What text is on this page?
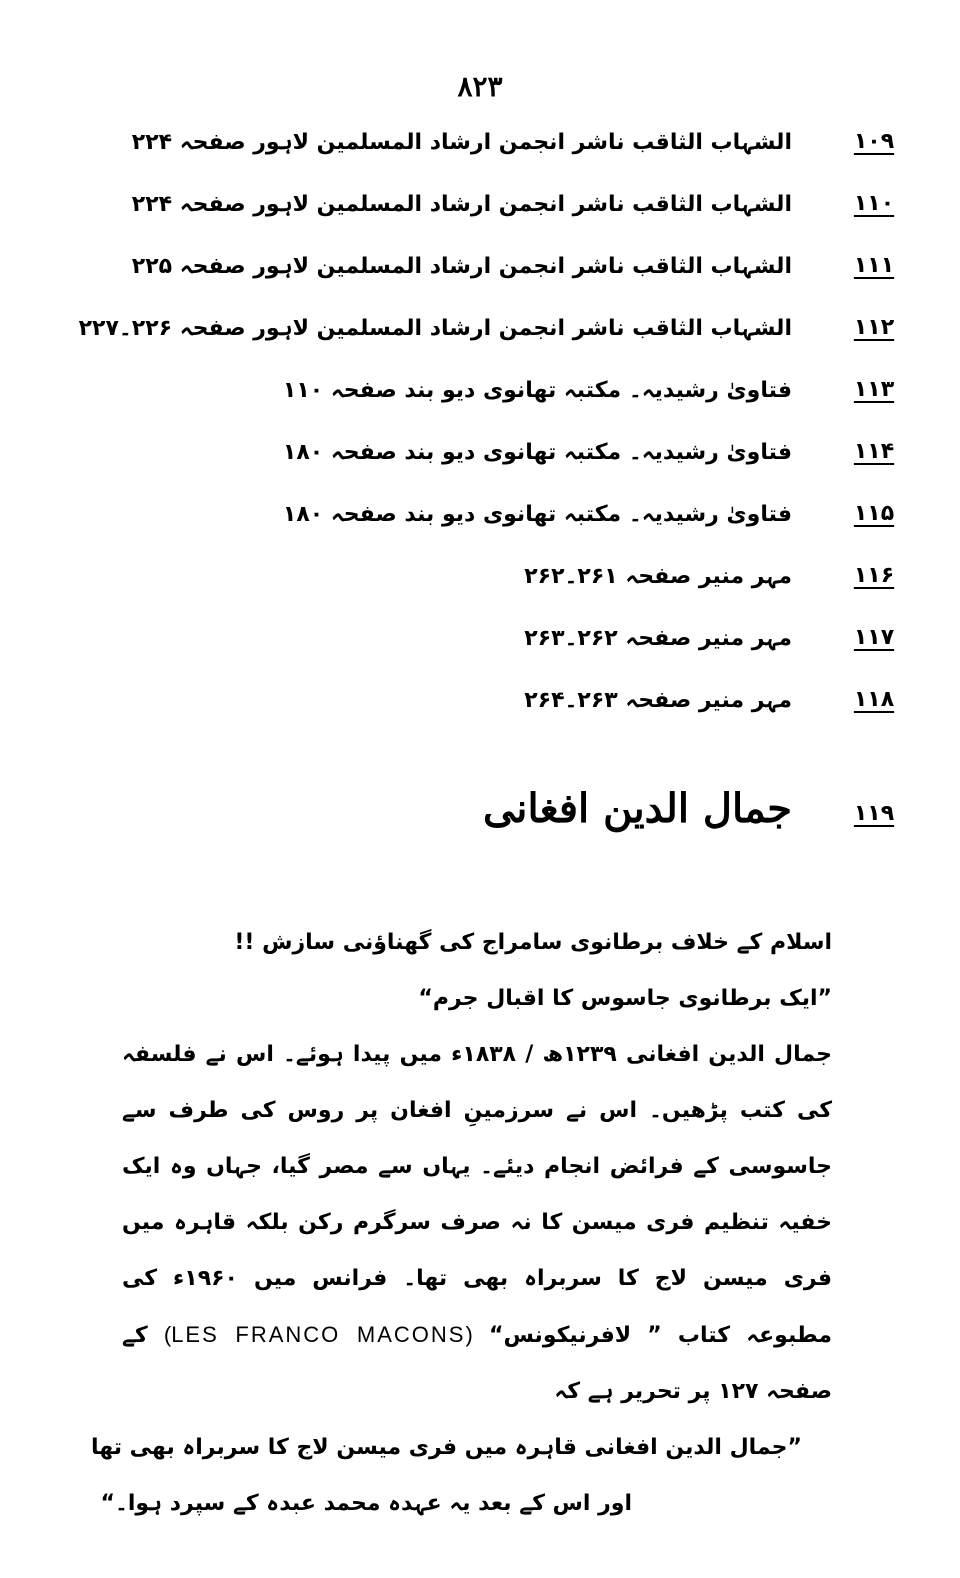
۸۲۳
۱۰۹
الشہاب الثاقب ناشر انجمن ارشاد المسلمین لاہور صفحہ ۲۲۴
۱۱۰
الشہاب الثاقب ناشر انجمن ارشاد المسلمین لاہور صفحہ ۲۲۴
۱۱۱
الشہاب الثاقب ناشر انجمن ارشاد المسلمین لاہور صفحہ ۲۲۵
۱۱۲
الشہاب الثاقب ناشر انجمن ارشاد المسلمین لاہور صفحہ ۲۲۶۔۲۲۷
۱۱۳
فتاویٰ رشیدیہ۔ مکتبہ تھانوی دیو بند صفحہ ۱۱۰
۱۱۴
فتاویٰ رشیدیہ۔ مکتبہ تھانوی دیو بند صفحہ ۱۸۰
۱۱۵
فتاویٰ رشیدیہ۔ مکتبہ تھانوی دیو بند صفحہ ۱۸۰
۱۱۶
مہر منیر صفحہ ۲۶۱۔۲۶۲
۱۱۷
مہر منیر صفحہ ۲۶۲۔۲۶۳
۱۱۸
مہر منیر صفحہ ۲۶۳۔۲۶۴
۱۱۹
جمال الدین افغانی
اسلام کے خلاف برطانوی سامراج کی گھناؤنی سازش !!
”ایک برطانوی جاسوس کا اقبال جرم“

جمال الدین افغانی ۱۲۳۹ھ / ۱۸۳۸ء میں پیدا ہوئے۔ اس نے فلسفہ کی کتب پڑھیں۔ اس نے سرزمینِ افغان پر روس کی طرف سے جاسوسی کے فرائض انجام دیئے۔ یہاں سے مصر گیا، جہاں وہ ایک خفیہ تنظیم فری میسن کا نہ صرف سرگرم رکن بلکہ قاہرہ میں فری میسن لاج کا سربراہ بھی تھا۔ فرانس میں ۱۹۶۰ء کی مطبوعہ کتاب ” لافرنیکونس“ (LES FRANCO MACONS) کے صفحہ ۱۲۷ پر تحریر ہے کہ

”جمال الدین افغانی قاہرہ میں فری میسن لاج کا سربراہ بھی تھا
اور اس کے بعد یہ عہدہ محمد عبدہ کے سپرد ہوا۔“
